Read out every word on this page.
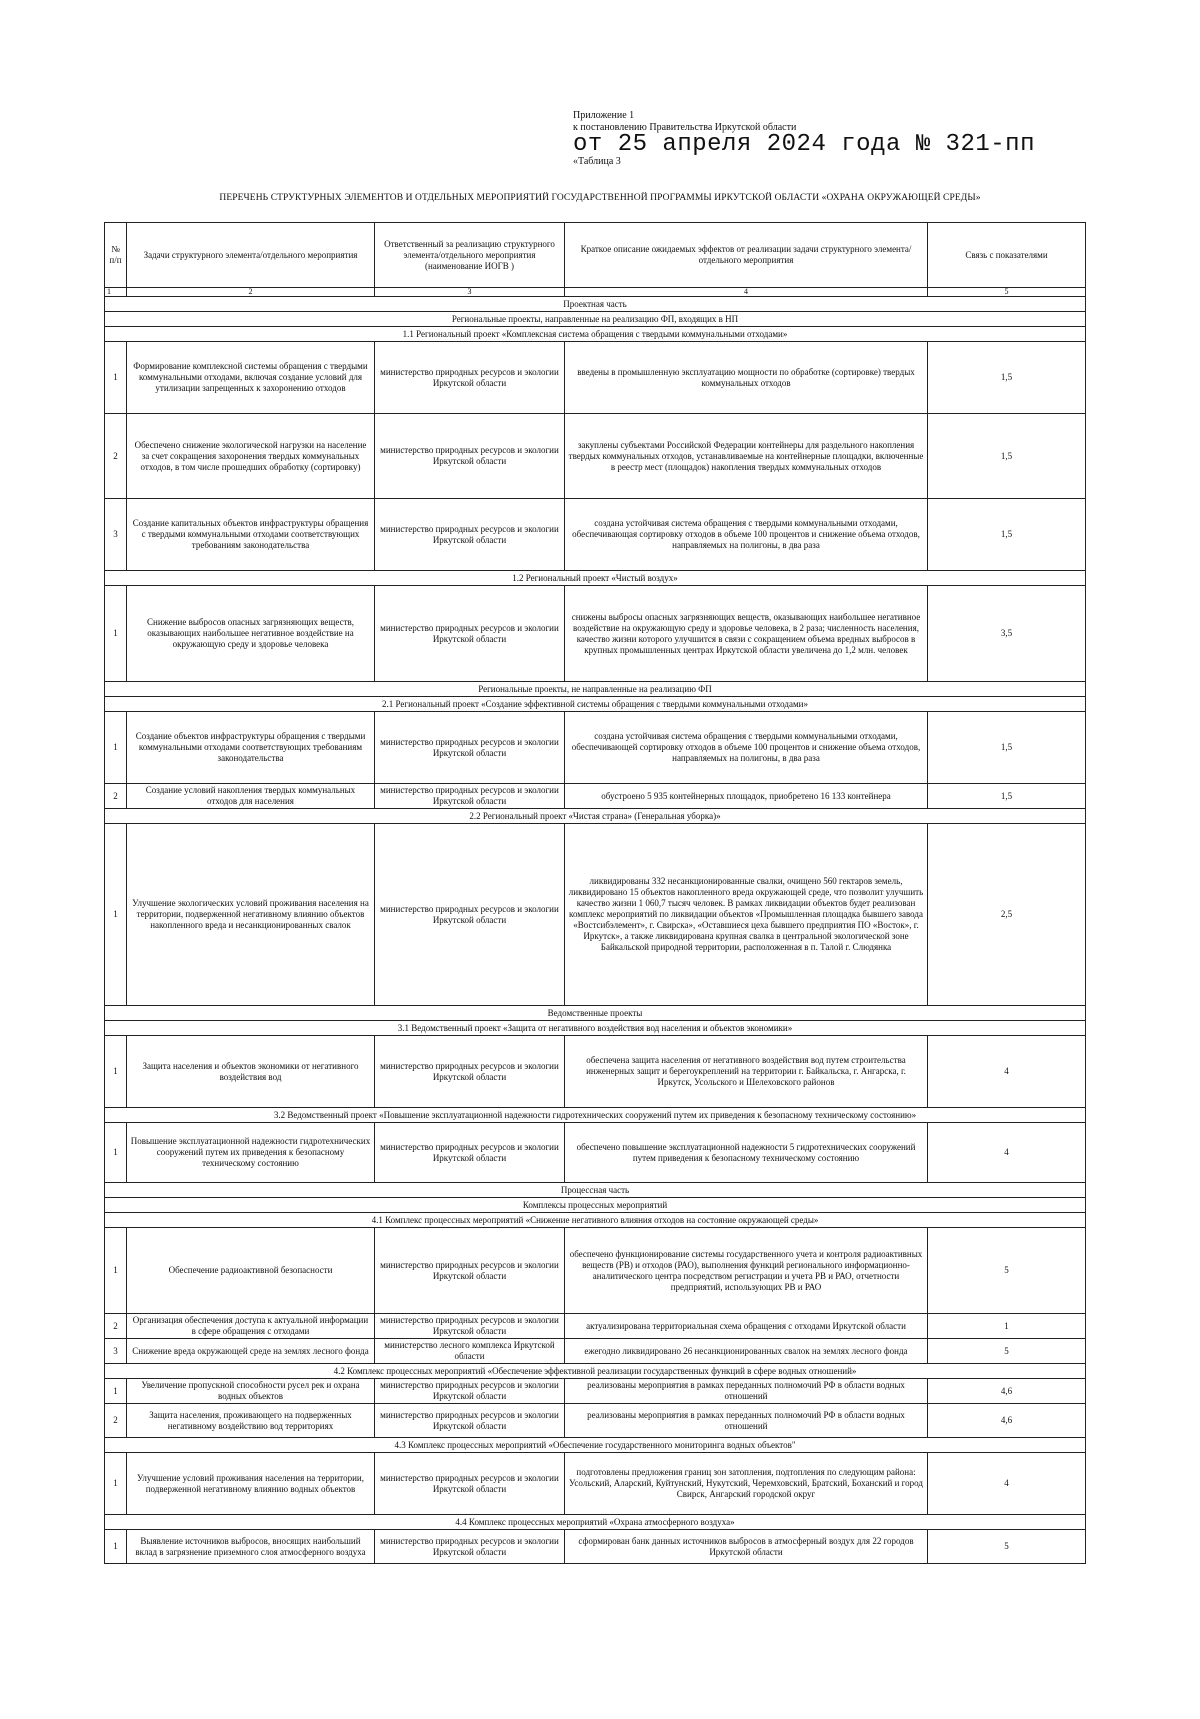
Приложение 1
к постановлению Правительства Иркутской области
от 25 апреля 2024 года № 321-пп
«Таблица 3
ПЕРЕЧЕНЬ СТРУКТУРНЫХ ЭЛЕМЕНТОВ И ОТДЕЛЬНЫХ МЕРОПРИЯТИЙ ГОСУДАРСТВЕННОЙ ПРОГРАММЫ ИРКУТСКОЙ ОБЛАСТИ «ОХРАНА ОКРУЖАЮЩЕЙ СРЕДЫ»
№ п/п	Задачи структурного элемента/отдельного мероприятия	Ответственный за реализацию структурного элемента/отдельного мероприятия (наименование ИОГВ )	Краткое описание ожидаемых эффектов от реализации задачи структурного элемента/отдельного мероприятия	Связь с показателями
1	2	3	4	5
Проектная часть				
Региональные проекты, направленные на реализацию ФП, входящих в НП				
1.1 Региональный проект «Комплексная система обращения с твердыми коммунальными отходами»				
1	Формирование комплексной системы обращения с твердыми коммунальными отходами, включая создание условий для утилизации запрещенных к захоронению отходов	министерство природных ресурсов и экологии Иркутской области	введены в промышленную эксплуатацию мощности по обработке (сортировке) твердых коммунальных отходов	1,5
2	Обеспечено снижение экологической нагрузки на население за счет сокращения захоронения твердых коммунальных отходов, в том числе прошедших обработку (сортировку)	министерство природных ресурсов и экологии Иркутской области	закуплены субъектами Российской Федерации контейнеры для раздельного накопления твердых коммунальных отходов, устанавливаемые на контейнерные площадки, включенные в реестр мест (площадок) накопления твердых коммунальных отходов	1,5
3	Создание капитальных объектов инфраструктуры обращения с твердыми коммунальными отходами соответствующих требованиям законодательства	министерство природных ресурсов и экологии Иркутской области	создана устойчивая система обращения с твердыми коммунальными отходами, обеспечивающая сортировку отходов в объеме 100 процентов и снижение объема отходов, направляемых на полигоны, в два раза	1,5
1.2 Региональный проект «Чистый воздух»				
1	Снижение выбросов опасных загрязняющих веществ, оказывающих наибольшее негативное воздействие на окружающую среду и здоровье человека	министерство природных ресурсов и экологии Иркутской области	снижены выбросы опасных загрязняющих веществ, оказывающих наибольшее негативное воздействие на окружающую среду и здоровье человека, в 2 раза; численность населения, качество жизни которого улучшится в связи с сокращением объема вредных выбросов в крупных промышленных центрах Иркутской области увеличена до 1,2 млн. человек	3,5
Региональные проекты, не направленные на реализацию ФП				
2.1 Региональный проект «Создание эффективной системы обращения с твердыми коммунальными отходами»				
1	Создание объектов инфраструктуры обращения с твердыми коммунальными отходами соответствующих требованиям законодательства	министерство природных ресурсов и экологии Иркутской области	создана устойчивая система обращения с твердыми коммунальными отходами, обеспечивающей сортировку отходов в объеме 100 процентов и снижение объема отходов, направляемых на полигоны, в два раза	1,5
2	Создание условий накопления твердых коммунальных отходов для населения	министерство природных ресурсов и экологии Иркутской области	обустроено 5 935 контейнерных площадок, приобретено 16 133 контейнера	1,5
2.2 Региональный проект «Чистая страна» (Генеральная уборка)»				
1	Улучшение экологических условий проживания населения на территории, подверженной негативному влиянию объектов накопленного вреда и несанкционированных свалок	министерство природных ресурсов и экологии Иркутской области	ликвидированы 332 несанкционированные свалки, очищено 560 гектаров земель, ликвидировано 15 объектов накопленного вреда окружающей среде, что позволит улучшить качество жизни 1 060,7 тысяч человек. В рамках ликвидации объектов будет реализован комплекс мероприятий по ликвидации объектов «Промышленная площадка бывшего завода «Востсибэлемент», г. Свирска», «Оставшиеся цеха бывшего предприятия ПО «Восток», г. Иркутск», а также ликвидирована крупная свалка в центральной экологической зоне Байкальской природной территории, расположенная в п. Талой г. Слюдянка	2,5
Ведомственные проекты				
3.1 Ведомственный проект «Защита от негативного воздействия вод населения и объектов экономики»				
1	Защита населения и объектов экономики от негативного воздействия вод	министерство природных ресурсов и экологии Иркутской области	обеспечена защита населения от негативного воздействия вод путем строительства инженерных защит и берегоукреплений на территории г. Байкальска, г. Ангарска, г. Иркутск, Усольского и Шелеховского районов	4
3.2 Ведомственный проект «Повышение эксплуатационной надежности гидротехнических сооружений путем их приведения к безопасному техническому состоянию»				
1	Повышение эксплуатационной надежности гидротехнических сооружений путем их приведения к безопасному техническому состоянию	министерство природных ресурсов и экологии Иркутской области	обеспечено повышение эксплуатационной надежности 5 гидротехнических сооружений путем приведения к безопасному техническому состоянию	4
Процессная часть				
Комплексы процессных мероприятий				
4.1 Комплекс процессных мероприятий «Снижение негативного влияния отходов на состояние окружающей среды»				
1	Обеспечение радиоактивной безопасности	министерство природных ресурсов и экологии Иркутской области	обеспечено функционирование системы государственного учета и контроля радиоактивных веществ (РВ) и отходов (РАО), выполнения функций регионального информационно-аналитического центра посредством регистрации и учета РВ и РАО, отчетности предприятий, использующих РВ и РАО	5
2	Организация обеспечения доступа к актуальной информации в сфере обращения с отходами	министерство природных ресурсов и экологии Иркутской области	актуализирована территориальная схема обращения с отходами Иркутской области	1
3	Снижение вреда окружающей среде на землях лесного фонда	министерство лесного комплекса Иркутской области	ежегодно ликвидировано 26 несанкционированных свалок на землях лесного фонда	5
4.2 Комплекс процессных мероприятий «Обеспечение эффективной реализации государственных функций в сфере водных отношений»				
1	Увеличение пропускной способности русел рек и охрана водных объектов	министерство природных ресурсов и экологии Иркутской области	реализованы мероприятия в рамках переданных полномочий РФ в области водных отношений	4,6
2	Защита населения, проживающего на подверженных негативному воздействию вод территориях	министерство природных ресурсов и экологии Иркутской области	реализованы мероприятия в рамках переданных полномочий РФ в области водных отношений	4,6
4.3 Комплекс процессных мероприятий «Обеспечение государственного мониторинга водных объектов"				
1	Улучшение условий проживания населения на территории, подверженной негативному влиянию водных объектов	министерство природных ресурсов и экологии Иркутской области	подготовлены предложения границ зон затопления, подтопления по следующим района: Усольский, Аларский, Куйтунский, Нукутский, Черемховский, Братский, Боханский и город Свирск, Ангарский городской округ	4
4.4 Комплекс процессных мероприятий «Охрана атмосферного воздуха»				
1	Выявление источников выбросов, вносящих наибольший вклад в загрязнение приземного слоя атмосферного воздуха	министерство природных ресурсов и экологии Иркутской области	сформирован банк данных источников выбросов в атмосферный воздух для 22 городов Иркутской области	5
